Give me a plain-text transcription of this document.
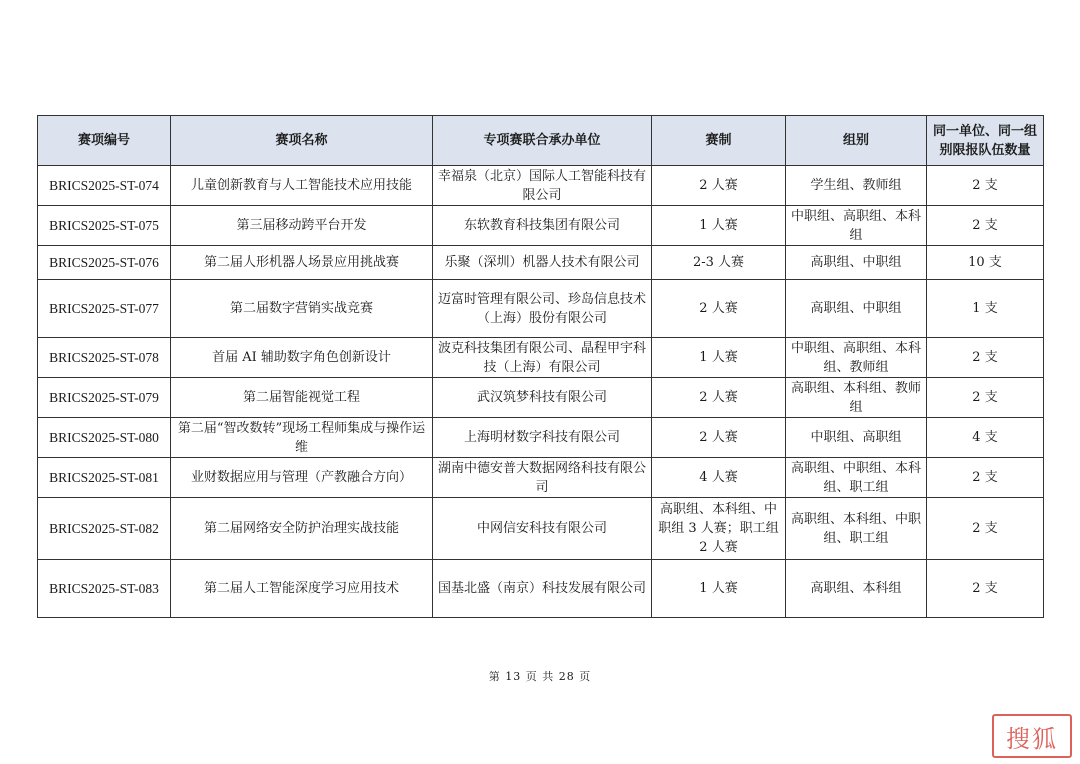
赛项编号	赛项名称	专项赛联合承办单位	赛制	组别	同一单位、同一组别限报队伍数量
BRICS2025-ST-074	儿童创新教育与人工智能技术应用技能	幸福泉（北京）国际人工智能科技有限公司	2 人赛	学生组、教师组	2 支
BRICS2025-ST-075	第三届移动跨平台开发	东软教育科技集团有限公司	1 人赛	中职组、高职组、本科组	2 支
BRICS2025-ST-076	第二届人形机器人场景应用挑战赛	乐聚（深圳）机器人技术有限公司	2-3 人赛	高职组、中职组	10 支
BRICS2025-ST-077	第二届数字营销实战竞赛	迈富时管理有限公司、珍岛信息技术（上海）股份有限公司	2 人赛	高职组、中职组	1 支
BRICS2025-ST-078	首届 AI 辅助数字角色创新设计	波克科技集团有限公司、晶程甲宇科技（上海）有限公司	1 人赛	中职组、高职组、本科组、教师组	2 支
BRICS2025-ST-079	第二届智能视觉工程	武汉筑梦科技有限公司	2 人赛	高职组、本科组、教师组	2 支
BRICS2025-ST-080	第二届“智改数转”现场工程师集成与操作运维	上海明材数字科技有限公司	2 人赛	中职组、高职组	4 支
BRICS2025-ST-081	业财数据应用与管理（产教融合方向）	湖南中德安普大数据网络科技有限公司	4 人赛	高职组、中职组、本科组、职工组	2 支
BRICS2025-ST-082	第二届网络安全防护治理实战技能	中网信安科技有限公司	高职组、本科组、中职组 3 人赛；职工组 2 人赛	高职组、本科组、中职组、职工组	2 支
BRICS2025-ST-083	第二届人工智能深度学习应用技术	国基北盛（南京）科技发展有限公司	1 人赛	高职组、本科组	2 支
第 13 页 共 28 页
搜狐
